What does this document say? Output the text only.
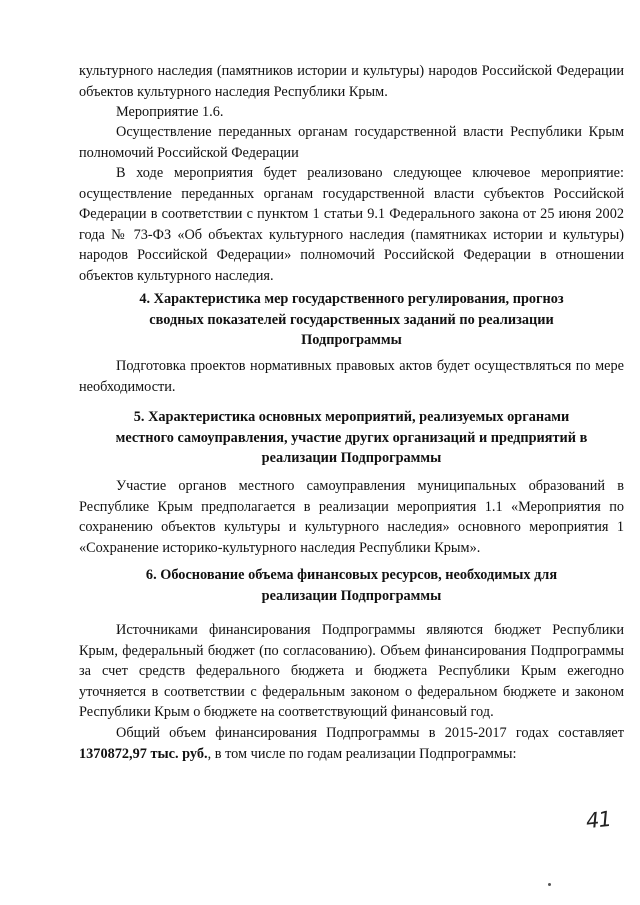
культурного наследия (памятников истории и культуры) народов Российской Федерации объектов культурного наследия Республики Крым.

Мероприятие 1.6.

Осуществление переданных органам государственной власти Республики Крым полномочий Российской Федерации

В ходе мероприятия будет реализовано следующее ключевое мероприятие: осуществление переданных органам государственной власти субъектов Российской Федерации в соответствии с пунктом 1 статьи 9.1 Федерального закона от 25 июня 2002 года № 73-ФЗ «Об объектах культурного наследия (памятниках истории и культуры) народов Российской Федерации» полномочий Российской Федерации в отношении объектов культурного наследия.

4. Характеристика мер государственного регулирования, прогноз
сводных показателей государственных заданий по реализации
Подпрограммы

Подготовка проектов нормативных правовых актов будет осуществляться по мере необходимости.

5. Характеристика основных мероприятий, реализуемых органами
местного самоуправления, участие других организаций и предприятий в
реализации Подпрограммы

Участие органов местного самоуправления муниципальных образований в Республике Крым предполагается в реализации мероприятия 1.1 «Мероприятия по сохранению объектов культуры и культурного наследия» основного мероприятия 1 «Сохранение историко-культурного наследия Республики Крым».

6. Обоснование объема финансовых ресурсов, необходимых для
реализации Подпрограммы

Источниками финансирования Подпрограммы являются бюджет Республики Крым, федеральный бюджет (по согласованию). Объем финансирования Подпрограммы за счет средств федерального бюджета и бюджета Республики Крым ежегодно уточняется в соответствии с федеральным законом о федеральном бюджете и законом Республики Крым о бюджете на соответствующий финансовый год.

Общий объем финансирования Подпрограммы в 2015-2017 годах составляет 1370872,97 тыс. руб., в том числе по годам реализации Подпрограммы:

41
